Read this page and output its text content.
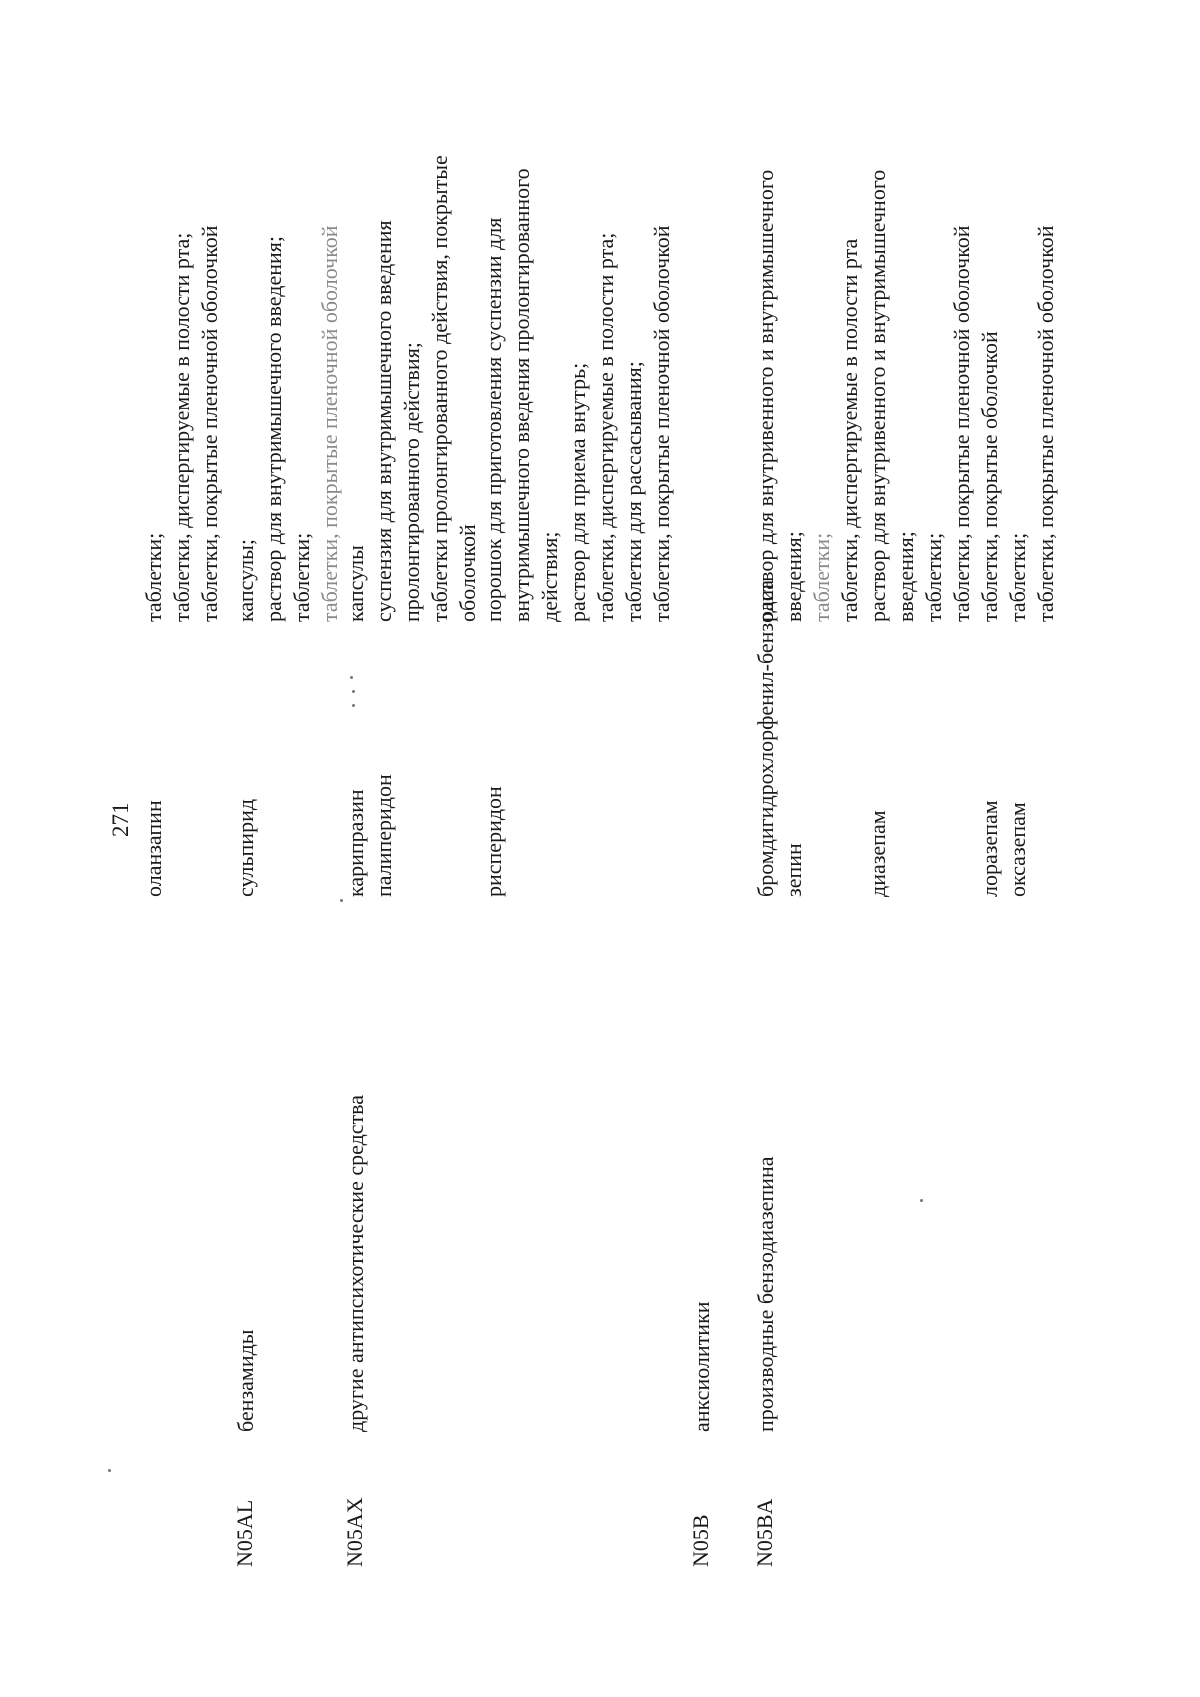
271 оланзапин
таблетки; таблетки, диспергируемые в полости рта; таблетки, покрытые пленочной оболочкой
N05AL
бензамиды
сульпирид
капсулы; раствор для внутримышечного введения; таблетки; таблетки, покрытые пленочной оболочкой
N05AX
другие антипсихотические средства
карипразин палиперидон
капсулы суспензия для внутримышечного введения пролонгированного действия; таблетки пролонгированного действия, покрытые оболочкой
рисперидон
порошок для приготовления суспензии для внутримышечного введения пролонгированного действия; раствор для приема внутрь; таблетки, диспергируемые в полости рта; таблетки для рассасывания; таблетки, покрытые пленочной оболочкой
N05B
анксиолитики
N05BA
производные бензодиазепина
бромдигидрохлорфенил-бензодиа зепин
раствор для внутривенного и внутримышечного введения; таблетки; таблетки, диспергируемые в полости рта
диазепам
раствор для внутривенного и внутримышечного введения; таблетки; таблетки, покрытые пленочной оболочкой
лоразепам оксазепам
таблетки, покрытые оболочкой таблетки; таблетки, покрытые пленочной оболочкой
